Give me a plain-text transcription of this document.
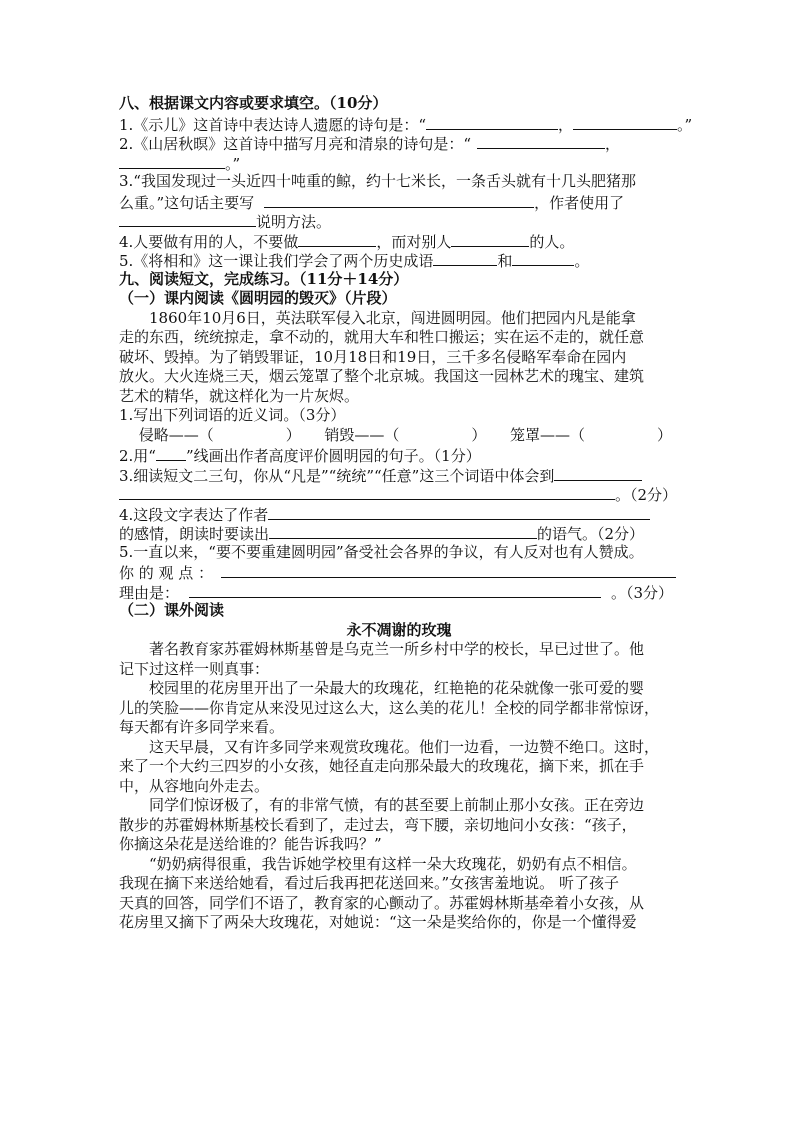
八、根据课文内容或要求填空。（10分）
1.《示儿》这首诗中表达诗人遗愿的诗句是：“	，	。”
2.《山居秋暝》这首诗中描写月亮和清泉的诗句是：“	，
。”
3.“我国发现过一头近四十吨重的鲸，约十七米长，一条舌头就有十几头肥猪那
么重。”这句话主要写	，作者使用了
说明方法。
4.人要做有用的人，不要做	，而对别人	的人。
5.《将相和》这一课让我们学会了两个历史成语	和	。
九、阅读短文，完成练习。（11分＋14分）
（一）课内阅读《圆明园的毁灭》（片段）
1860年10月6日，英法联军侵入北京，闯进圆明园。他们把园内凡是能拿
走的东西，统统掠走，拿不动的，就用大车和牲口搬运；实在运不走的，就任意
破坏、毁掉。为了销毁罪证，10月18日和19日，三千多名侵略军奉命在园内
放火。大火连烧三天，烟云笼罩了整个北京城。我国这一园林艺术的瑰宝、建筑
艺术的精华，就这样化为一片灰烬。
1.写出下列词语的近义词。（3分）
侵略——（	） 销毁——（	） 笼罩——（	）
2.用“ ”线画出作者高度评价圆明园的句子。（1分）
3.细读短文二三句，你从“凡是”“统统”“任意”这三个词语中体会到
。（2分）
4.这段文字表达了作者
的感情，朗读时要读出	的语气。（2分）
5.一直以来，“要不要重建圆明园”备受社会各界的争议，有人反对也有人赞成。
你 的 观 点 ：
理由是：	。（3分）
（二）课外阅读
永不凋谢的玫瑰
著名教育家苏霍姆林斯基曾是乌克兰一所乡村中学的校长，早已过世了。他
记下过这样一则真事：
校园里的花房里开出了一朵最大的玫瑰花，红艳艳的花朵就像一张可爱的婴
儿的笑脸——你肯定从来没见过这么大，这么美的花儿！全校的同学都非常惊讶，
每天都有许多同学来看。
这天早晨，又有许多同学来观赏玫瑰花。他们一边看，一边赞不绝口。这时，
来了一个大约三四岁的小女孩，她径直走向那朵最大的玫瑰花，摘下来，抓在手
中，从容地向外走去。
同学们惊讶极了，有的非常气愤，有的甚至要上前制止那小女孩。正在旁边
散步的苏霍姆林斯基校长看到了，走过去，弯下腰，亲切地问小女孩：“孩子，
你摘这朵花是送给谁的？能告诉我吗？”
“奶奶病得很重，我告诉她学校里有这样一朵大玫瑰花，奶奶有点不相信。
我现在摘下来送给她看，看过后我再把花送回来。”女孩害羞地说。 听了孩子
天真的回答，同学们不语了，教育家的心颤动了。苏霍姆林斯基牵着小女孩，从
花房里又摘下了两朵大玫瑰花，对她说：“这一朵是奖给你的，你是一个懂得爱
